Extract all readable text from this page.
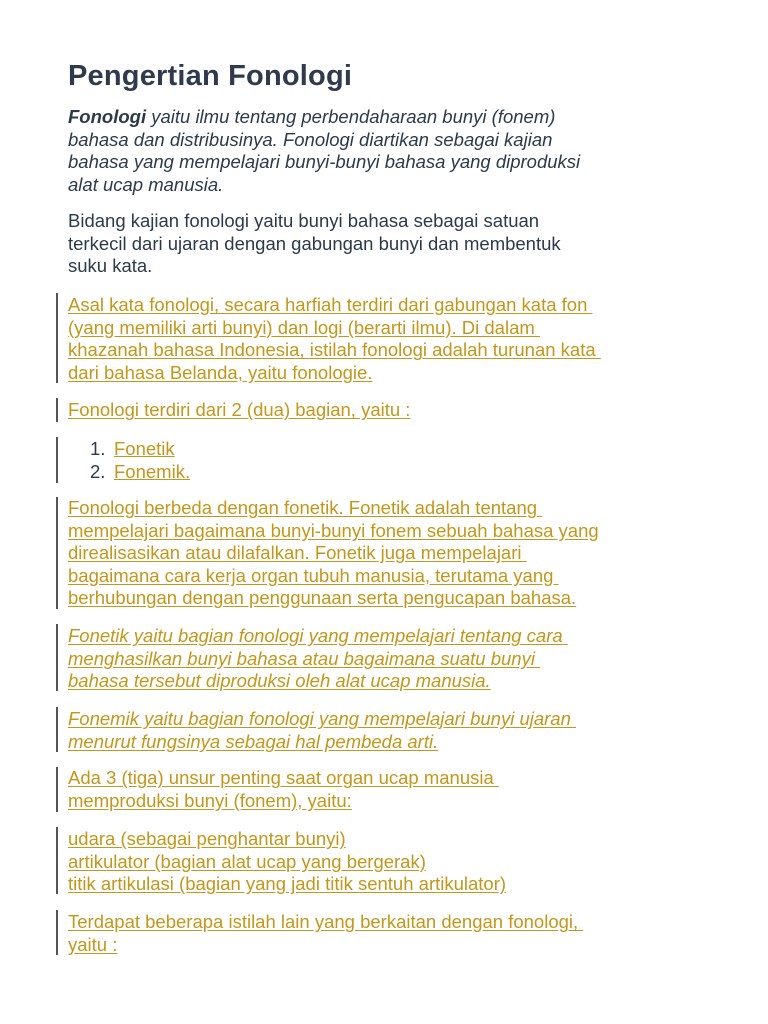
Pengertian Fonologi

Fonologi yaitu ilmu tentang perbendaharaan bunyi (fonem)
bahasa dan distribusinya. Fonologi diartikan sebagai kajian
bahasa yang mempelajari bunyi-bunyi bahasa yang diproduksi
alat ucap manusia.

Bidang kajian fonologi yaitu bunyi bahasa sebagai satuan
terkecil dari ujaran dengan gabungan bunyi dan membentuk
suku kata.

Asal kata fonologi, secara harfiah terdiri dari gabungan kata fon
(yang memiliki arti bunyi) dan logi (berarti ilmu). Di dalam
khazanah bahasa Indonesia, istilah fonologi adalah turunan kata
dari bahasa Belanda, yaitu fonologie.

Fonologi terdiri dari 2 (dua) bagian, yaitu :

1. Fonetik
2. Fonemik.

Fonologi berbeda dengan fonetik. Fonetik adalah tentang
mempelajari bagaimana bunyi-bunyi fonem sebuah bahasa yang
direalisasikan atau dilafalkan. Fonetik juga mempelajari
bagaimana cara kerja organ tubuh manusia, terutama yang
berhubungan dengan penggunaan serta pengucapan bahasa.

Fonetik yaitu bagian fonologi yang mempelajari tentang cara
menghasilkan bunyi bahasa atau bagaimana suatu bunyi
bahasa tersebut diproduksi oleh alat ucap manusia.

Fonemik yaitu bagian fonologi yang mempelajari bunyi ujaran
menurut fungsinya sebagai hal pembeda arti.

Ada 3 (tiga) unsur penting saat organ ucap manusia
memproduksi bunyi (fonem), yaitu:

udara (sebagai penghantar bunyi)
artikulator (bagian alat ucap yang bergerak)
titik artikulasi (bagian yang jadi titik sentuh artikulator)

Terdapat beberapa istilah lain yang berkaitan dengan fonologi,
yaitu :
